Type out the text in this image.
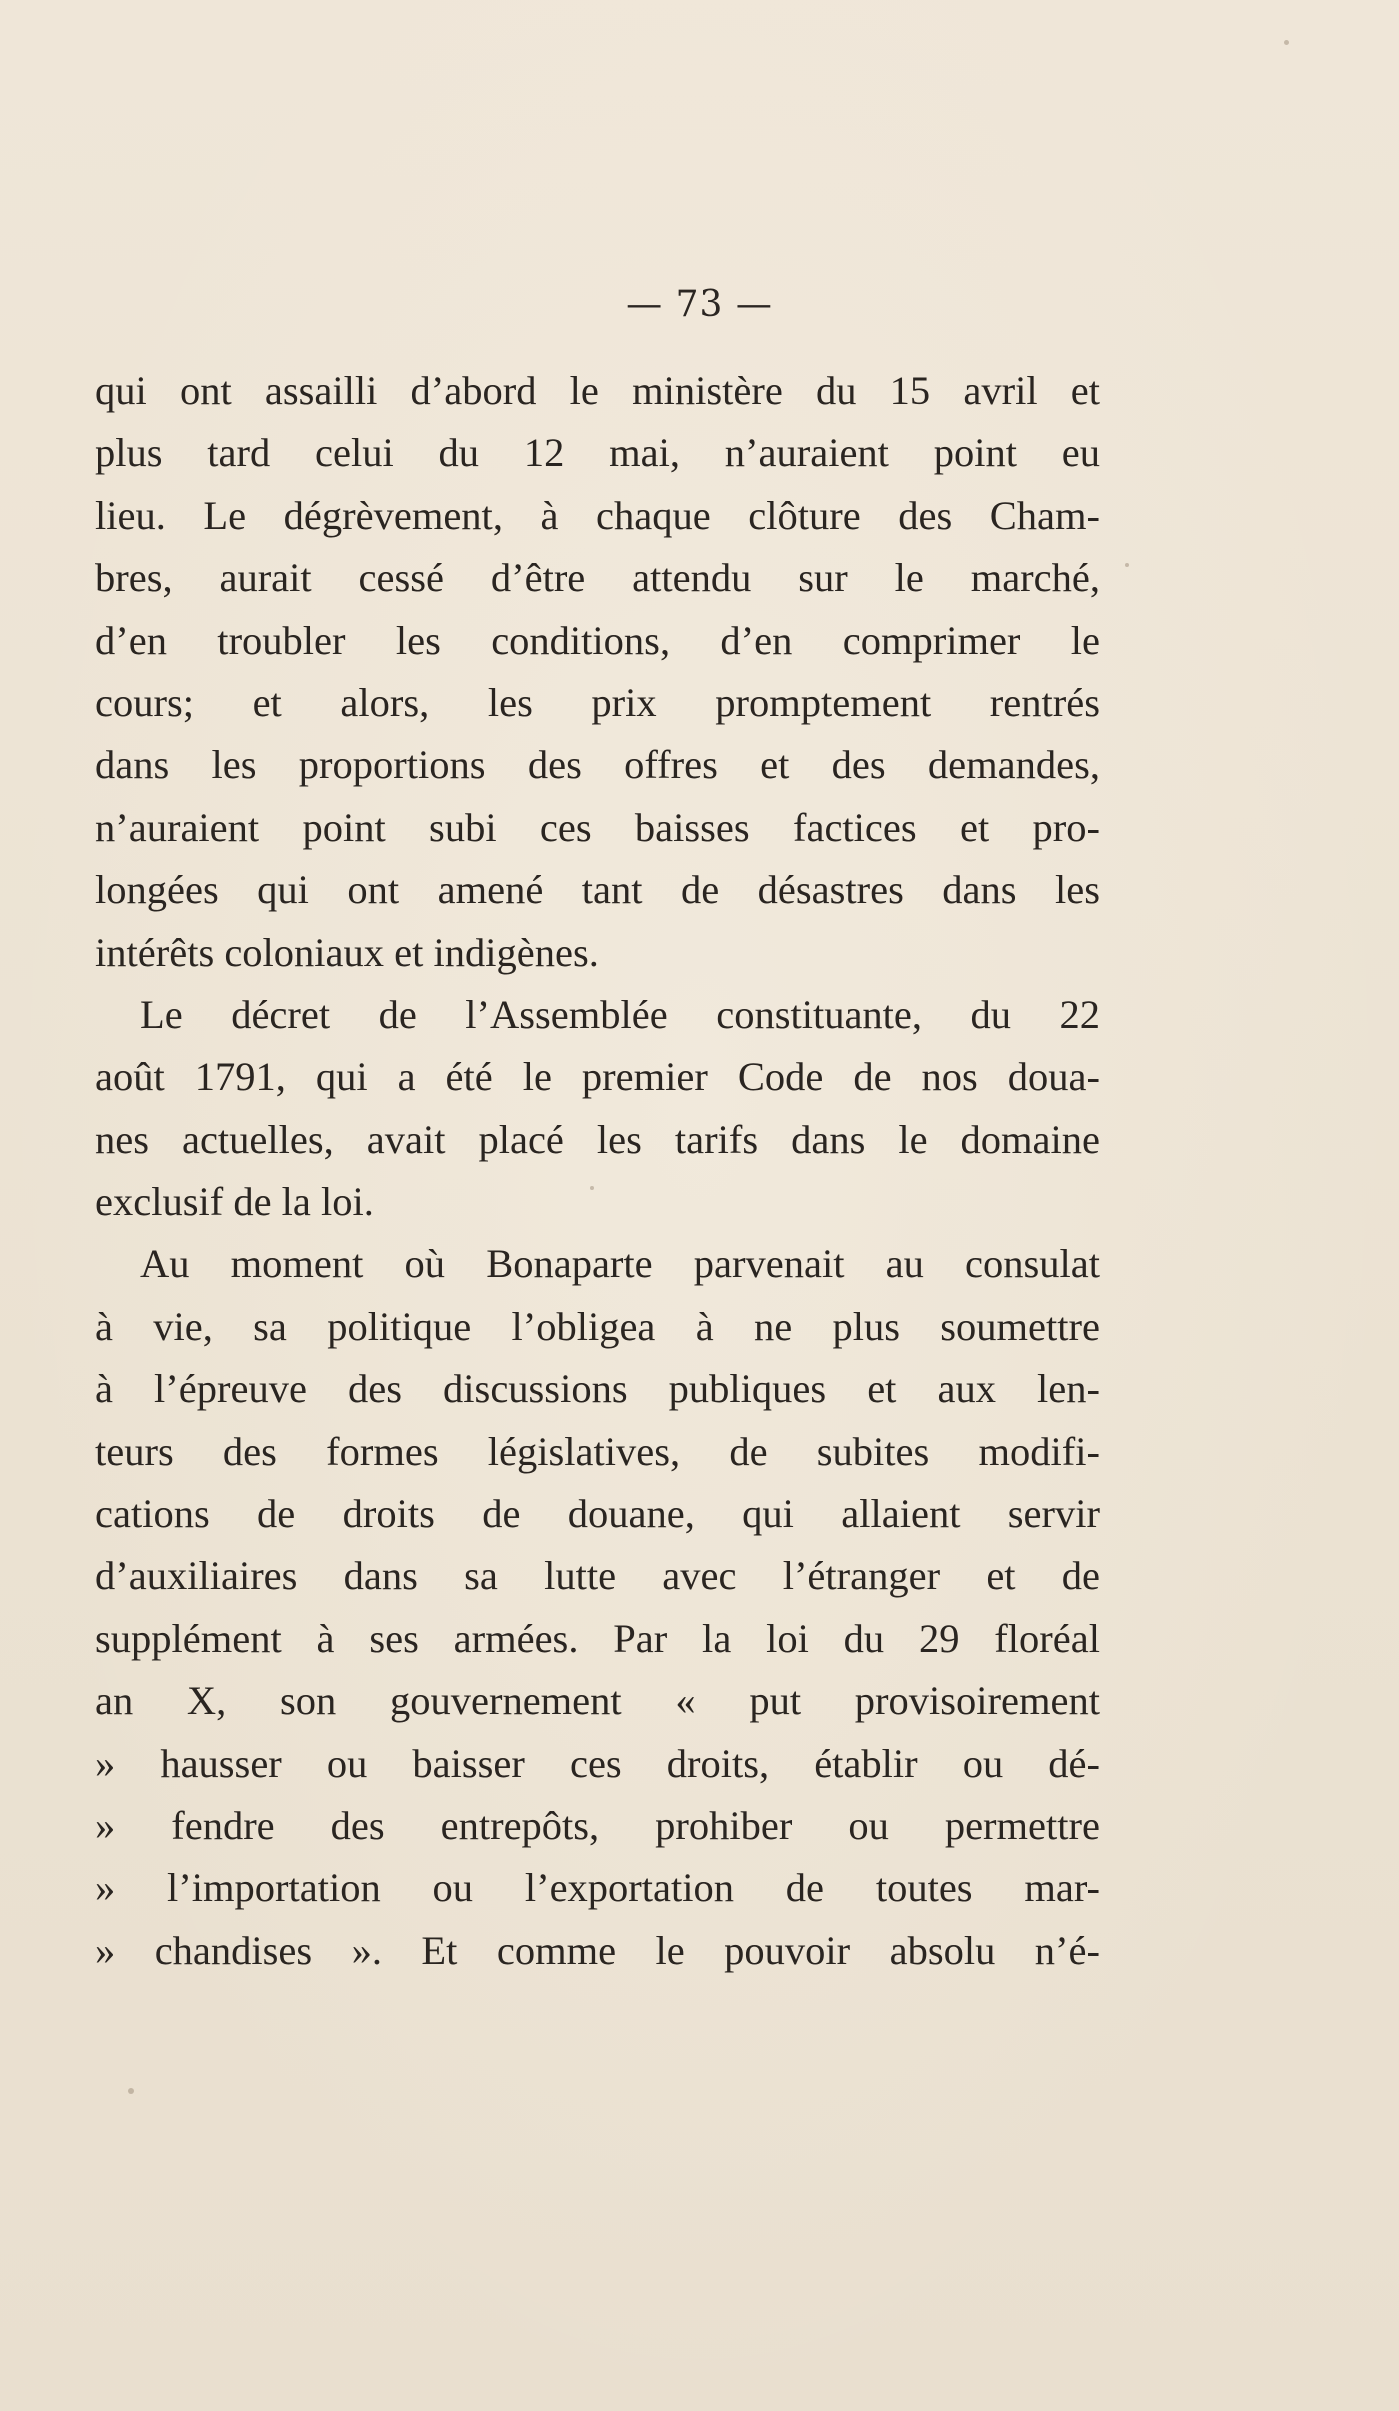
— 73 —
qui ont assailli d’abord le ministère du 15 avril et
plus tard celui du 12 mai, n’auraient point eu
lieu. Le dégrèvement, à chaque clôture des Cham-
bres, aurait cessé d’être attendu sur le marché,
d’en troubler les conditions, d’en comprimer le
cours; et alors, les prix promptement rentrés
dans les proportions des offres et des demandes,
n’auraient point subi ces baisses factices et pro-
longées qui ont amené tant de désastres dans les
intérêts coloniaux et indigènes.
Le décret de l’Assemblée constituante, du 22
août 1791, qui a été le premier Code de nos doua-
nes actuelles, avait placé les tarifs dans le domaine
exclusif de la loi.
Au moment où Bonaparte parvenait au consulat
à vie, sa politique l’obligea à ne plus soumettre
à l’épreuve des discussions publiques et aux len-
teurs des formes législatives, de subites modifi-
cations de droits de douane, qui allaient servir
d’auxiliaires dans sa lutte avec l’étranger et de
supplément à ses armées. Par la loi du 29 floréal
an X, son gouvernement « put provisoirement
» hausser ou baisser ces droits, établir ou dé-
» fendre des entrepôts, prohiber ou permettre
» l’importation ou l’exportation de toutes mar-
» chandises ». Et comme le pouvoir absolu n’é-
